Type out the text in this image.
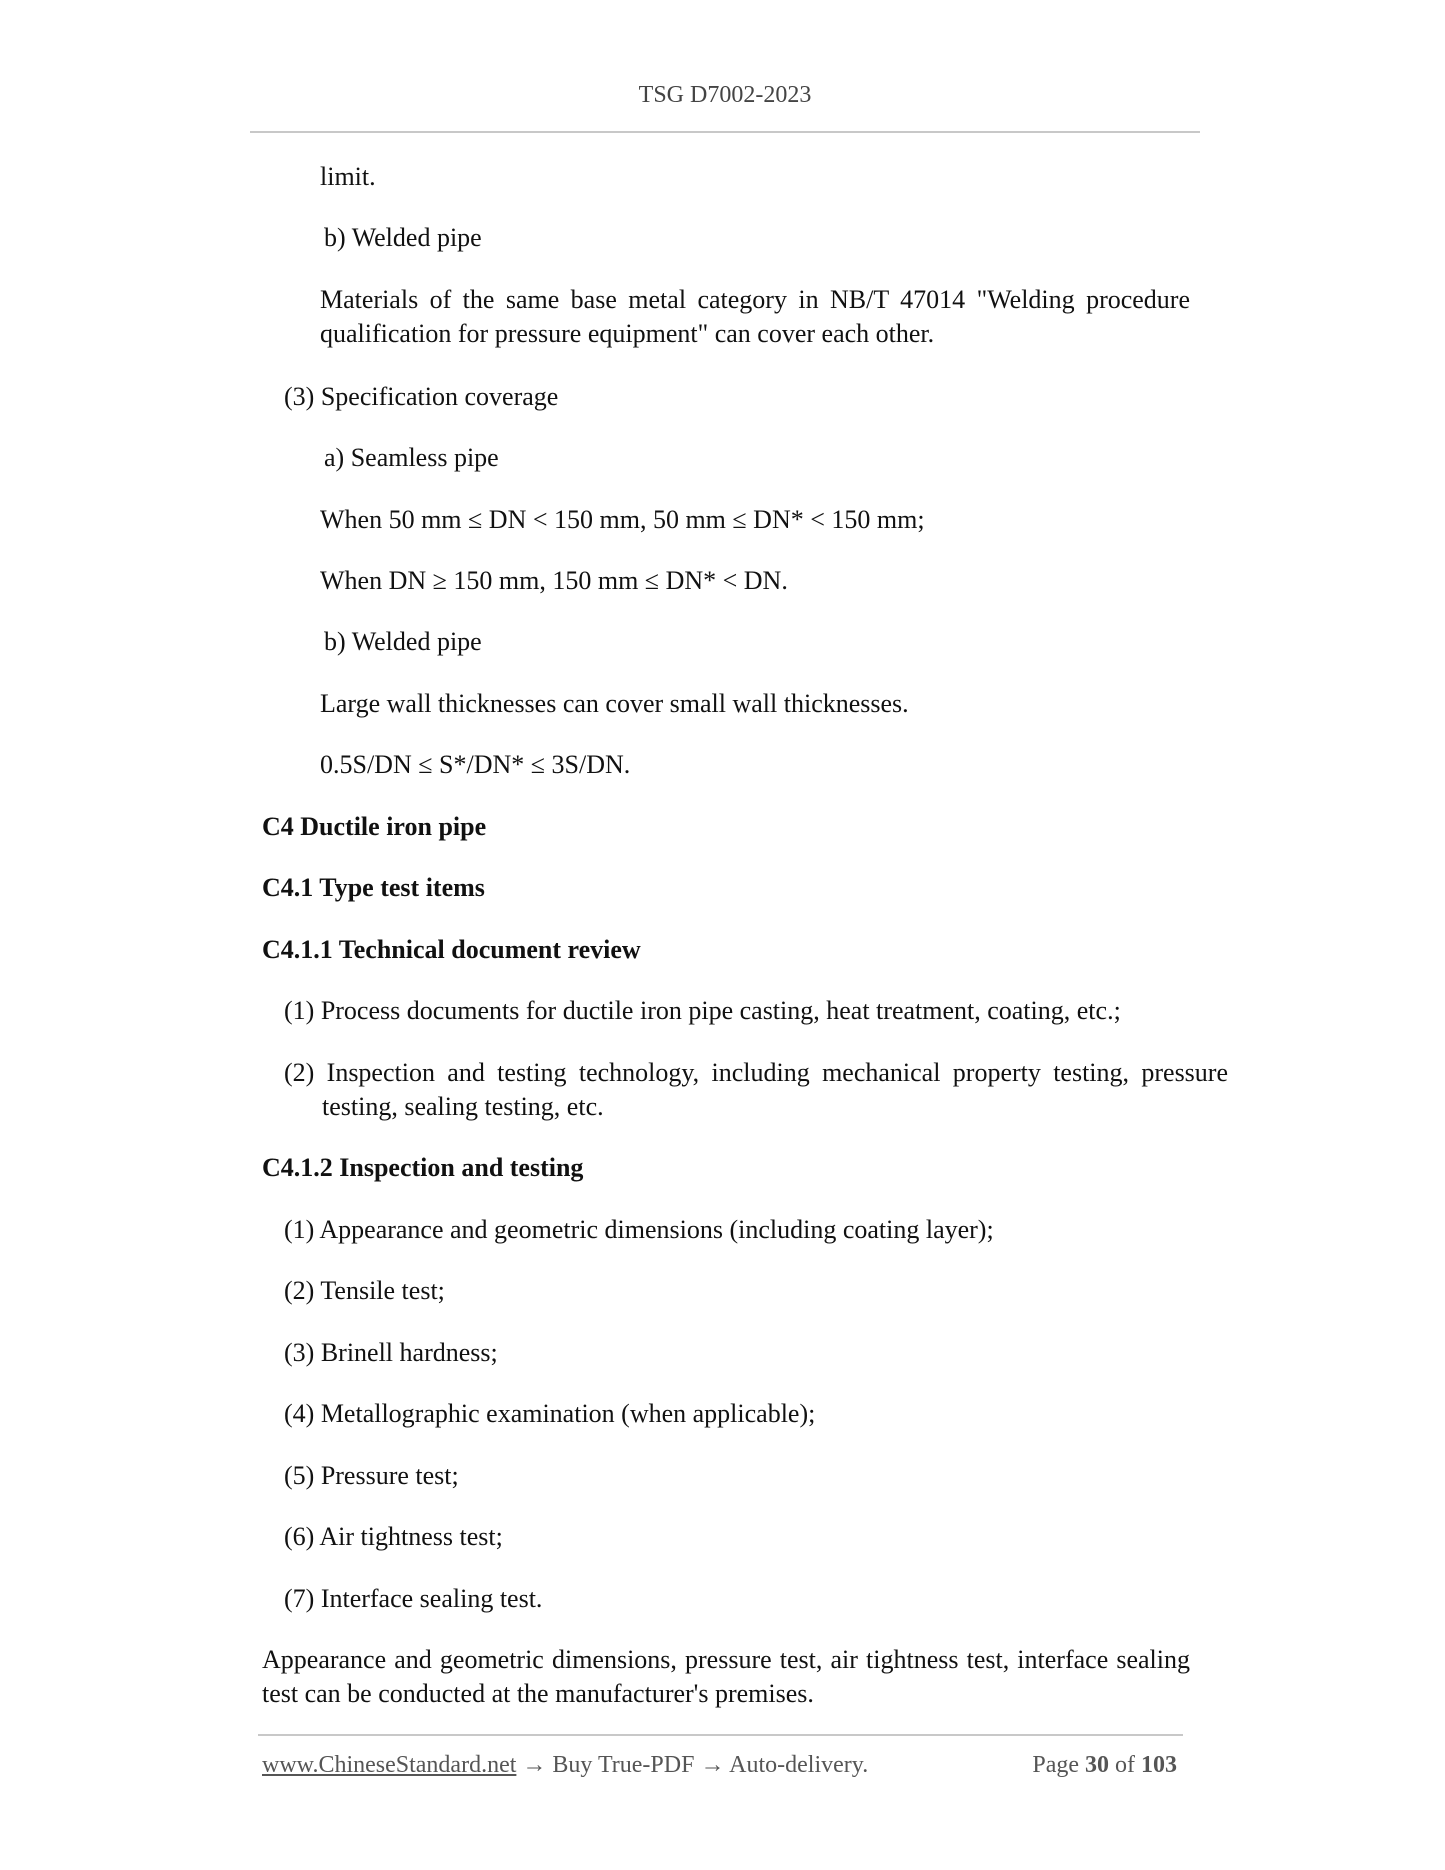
TSG D7002-2023
limit.
b) Welded pipe
Materials of the same base metal category in NB/T 47014 "Welding procedure qualification for pressure equipment" can cover each other.
(3) Specification coverage
a) Seamless pipe
When 50 mm ≤ DN < 150 mm, 50 mm ≤ DN* < 150 mm;
When DN ≥ 150 mm, 150 mm ≤ DN* < DN.
b) Welded pipe
Large wall thicknesses can cover small wall thicknesses.
0.5S/DN ≤ S*/DN* ≤ 3S/DN.
C4 Ductile iron pipe
C4.1 Type test items
C4.1.1 Technical document review
(1) Process documents for ductile iron pipe casting, heat treatment, coating, etc.;
(2) Inspection and testing technology, including mechanical property testing, pressure testing, sealing testing, etc.
C4.1.2 Inspection and testing
(1) Appearance and geometric dimensions (including coating layer);
(2) Tensile test;
(3) Brinell hardness;
(4) Metallographic examination (when applicable);
(5) Pressure test;
(6) Air tightness test;
(7) Interface sealing test.
Appearance and geometric dimensions, pressure test, air tightness test, interface sealing test can be conducted at the manufacturer's premises.
www.ChineseStandard.net → Buy True-PDF → Auto-delivery.	Page 30 of 103
